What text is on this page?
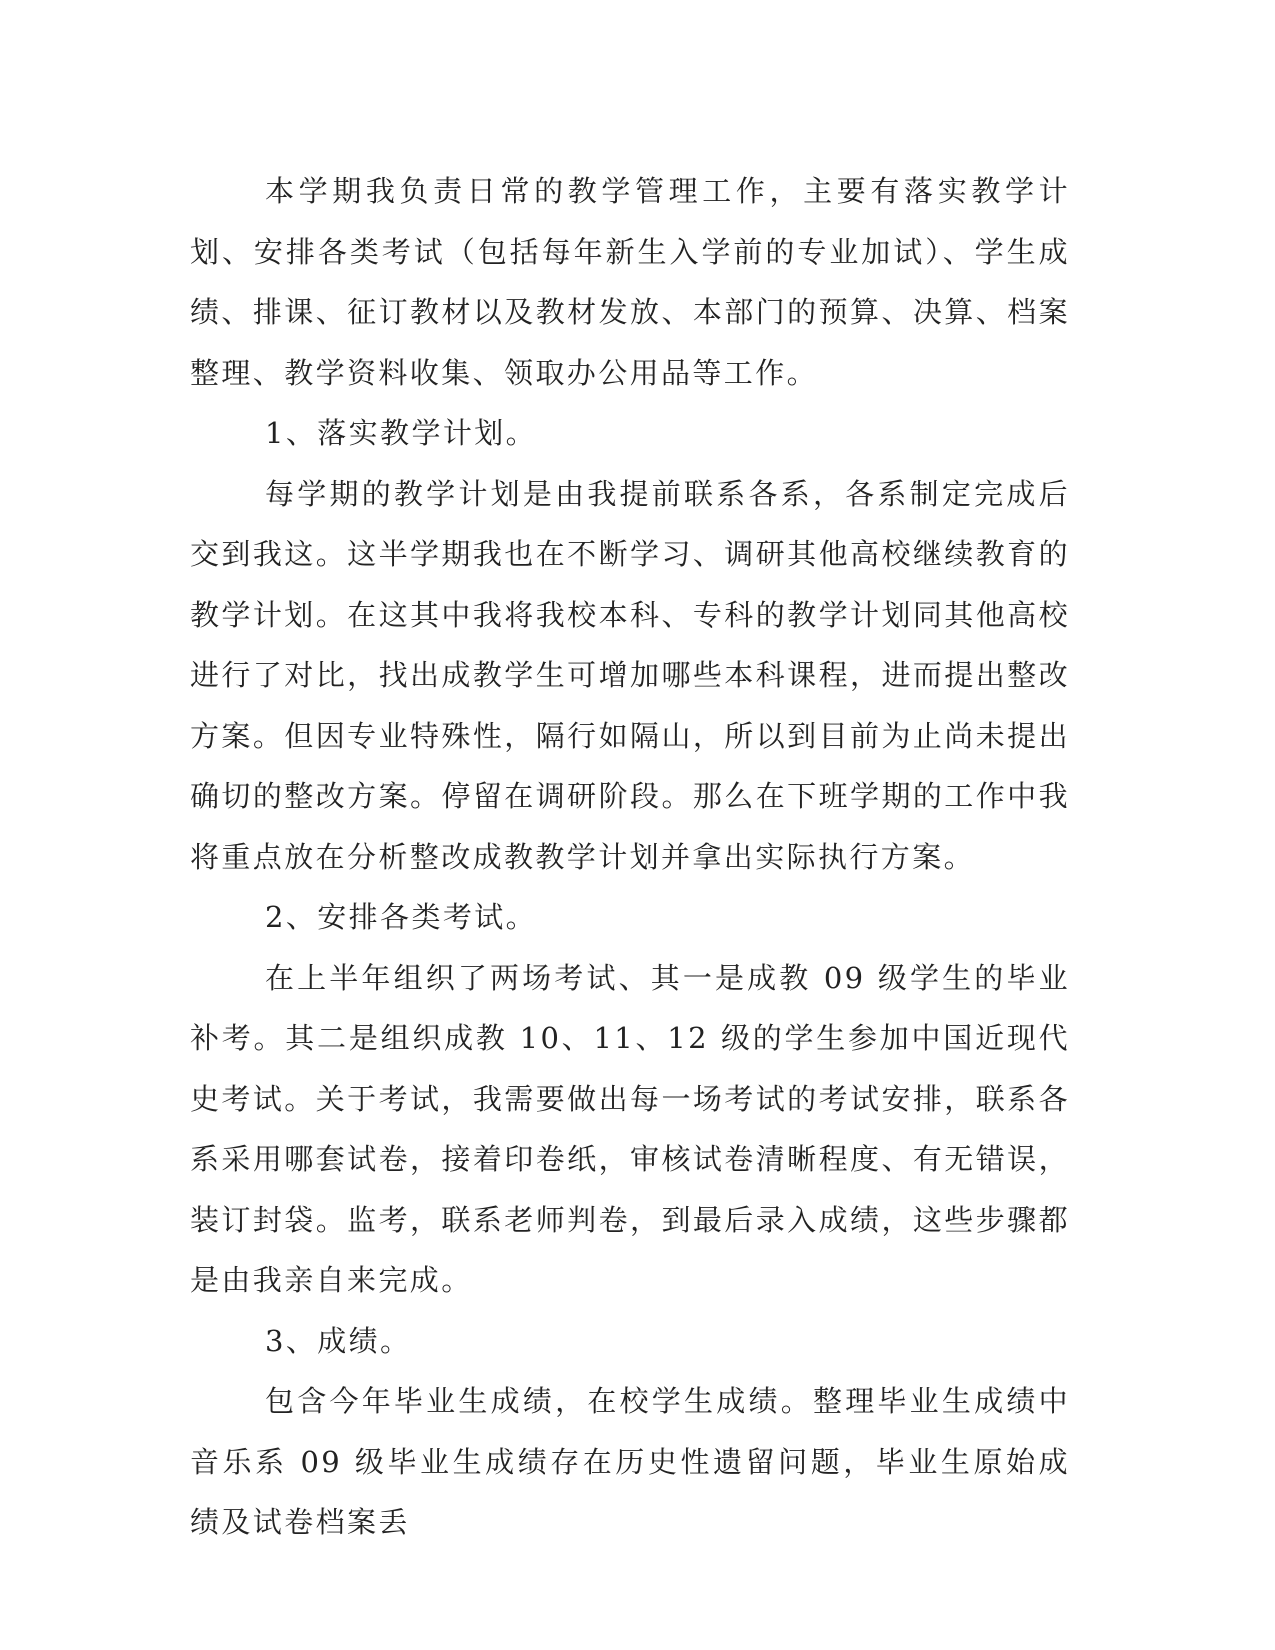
本学期我负责日常的教学管理工作，主要有落实教学计划、安排各类考试（包括每年新生入学前的专业加试）、学生成绩、排课、征订教材以及教材发放、本部门的预算、决算、档案整理、教学资料收集、领取办公用品等工作。

1、落实教学计划。

每学期的教学计划是由我提前联系各系，各系制定完成后交到我这。这半学期我也在不断学习、调研其他高校继续教育的教学计划。在这其中我将我校本科、专科的教学计划同其他高校进行了对比，找出成教学生可增加哪些本科课程，进而提出整改方案。但因专业特殊性，隔行如隔山，所以到目前为止尚未提出确切的整改方案。停留在调研阶段。那么在下班学期的工作中我将重点放在分析整改成教教学计划并拿出实际执行方案。

2、安排各类考试。

在上半年组织了两场考试、其一是成教 09 级学生的毕业补考。其二是组织成教 10、11、12 级的学生参加中国近现代史考试。关于考试，我需要做出每一场考试的考试安排，联系各系采用哪套试卷，接着印卷纸，审核试卷清晰程度、有无错误，装订封袋。监考，联系老师判卷，到最后录入成绩，这些步骤都是由我亲自来完成。

3、成绩。

包含今年毕业生成绩，在校学生成绩。整理毕业生成绩中音乐系 09 级毕业生成绩存在历史性遗留问题，毕业生原始成绩及试卷档案丢
